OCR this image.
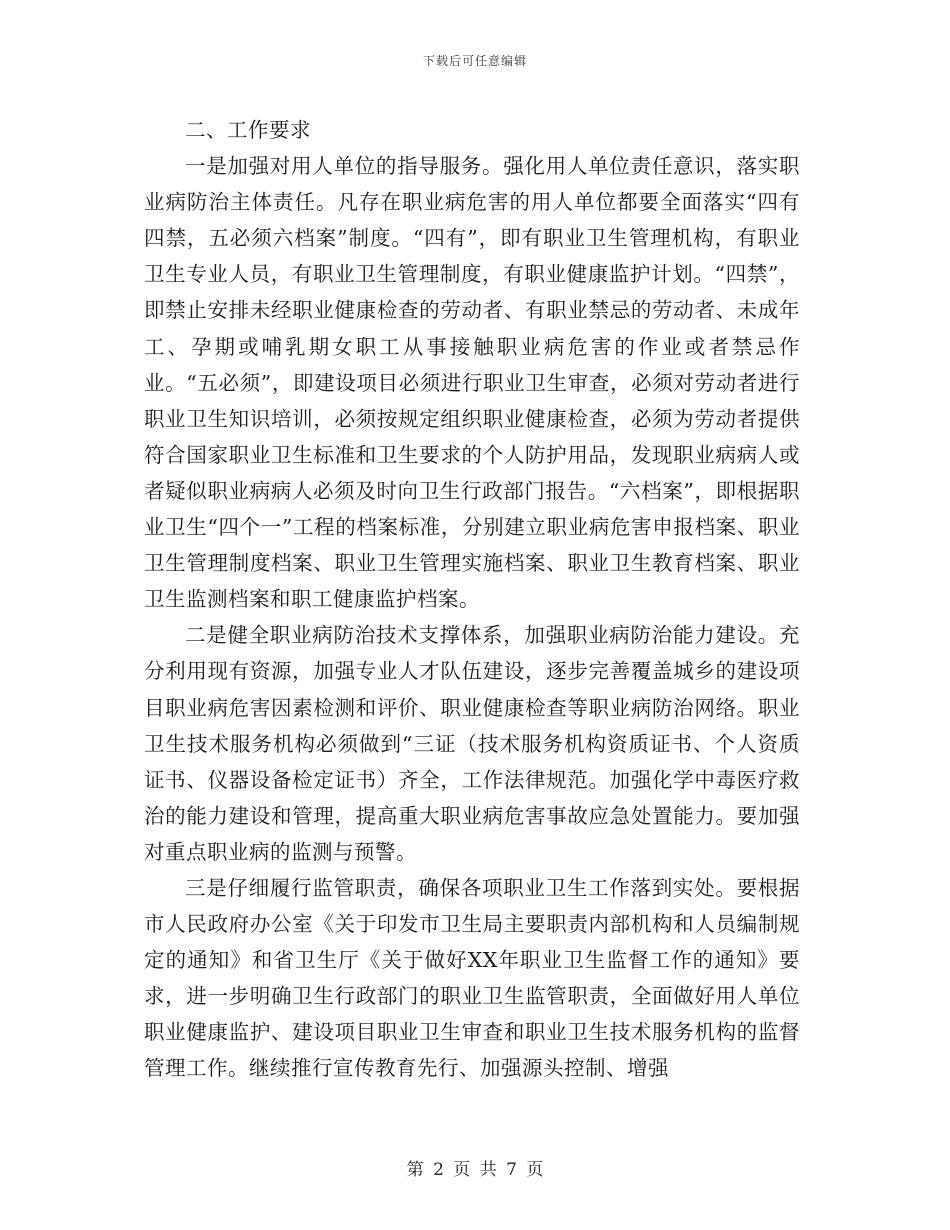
下载后可任意编辑

二、工作要求

一是加强对用人单位的指导服务。强化用人单位责任意识，落实职业病防治主体责任。凡存在职业病危害的用人单位都要全面落实“四有四禁，五必须六档案”制度。“四有”，即有职业卫生管理机构，有职业卫生专业人员，有职业卫生管理制度，有职业健康监护计划。“四禁”，即禁止安排未经职业健康检查的劳动者、有职业禁忌的劳动者、未成年工、孕期或哺乳期女职工从事接触职业病危害的作业或者禁忌作业。“五必须”，即建设项目必须进行职业卫生审查，必须对劳动者进行职业卫生知识培训，必须按规定组织职业健康检查，必须为劳动者提供符合国家职业卫生标准和卫生要求的个人防护用品，发现职业病病人或者疑似职业病病人必须及时向卫生行政部门报告。“六档案”，即根据职业卫生“四个一”工程的档案标准，分别建立职业病危害申报档案、职业卫生管理制度档案、职业卫生管理实施档案、职业卫生教育档案、职业卫生监测档案和职工健康监护档案。

二是健全职业病防治技术支撑体系，加强职业病防治能力建设。充分利用现有资源，加强专业人才队伍建设，逐步完善覆盖城乡的建设项目职业病危害因素检测和评价、职业健康检查等职业病防治网络。职业卫生技术服务机构必须做到“三证（技术服务机构资质证书、个人资质证书、仪器设备检定证书）齐全，工作法律规范。加强化学中毒医疗救治的能力建设和管理，提高重大职业病危害事故应急处置能力。要加强对重点职业病的监测与预警。

三是仔细履行监管职责，确保各项职业卫生工作落到实处。要根据市人民政府办公室《关于印发市卫生局主要职责内部机构和人员编制规定的通知》和省卫生厅《关于做好XX年职业卫生监督工作的通知》要求，进一步明确卫生行政部门的职业卫生监管职责，全面做好用人单位职业健康监护、建设项目职业卫生审查和职业卫生技术服务机构的监督管理工作。继续推行宣传教育先行、加强源头控制、增强

第 2 页 共 7 页
